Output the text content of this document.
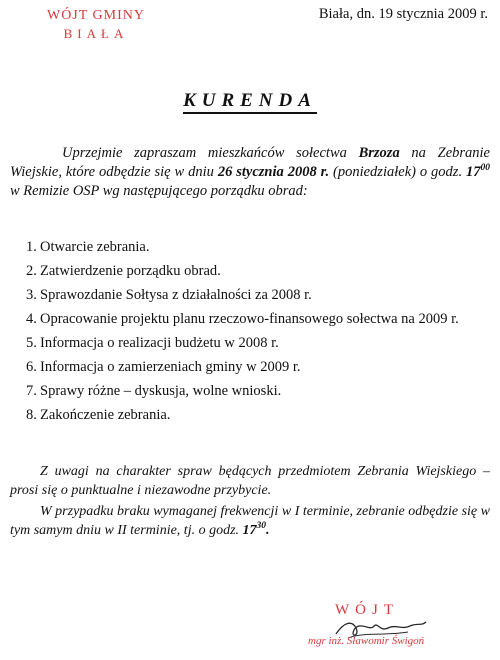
WÓJT GMINY
BIAŁA
Biała, dn. 19 stycznia 2009 r.
KURENDA
Uprzejmie zapraszam mieszkańców sołectwa Brzoza na Zebranie Wiejskie, które odbędzie się w dniu 26 stycznia 2008 r. (poniedziałek) o godz. $17^{00}$ w Remizie OSP wg następującego porządku obrad:
1. Otwarcie zebrania.
2. Zatwierdzenie porządku obrad.
3. Sprawozdanie Sołtysa z działalności za 2008 r.
4. Opracowanie projektu planu rzeczowo-finansowego sołectwa na 2009 r.
5. Informacja o realizacji budżetu w 2008 r.
6. Informacja o zamierzeniach gminy w 2009 r.
7. Sprawy różne – dyskusja, wolne wnioski.
8. Zakończenie zebrania.
Z uwagi na charakter spraw będących przedmiotem Zebrania Wiejskiego – prosi się o punktualne i niezawodne przybycie.
W przypadku braku wymaganej frekwencji w I terminie, zebranie odbędzie się w tym samym dniu w II terminie, tj. o godz. $17^{30}$.
WÓJT
mgr inż. Sławomir Świgoń
